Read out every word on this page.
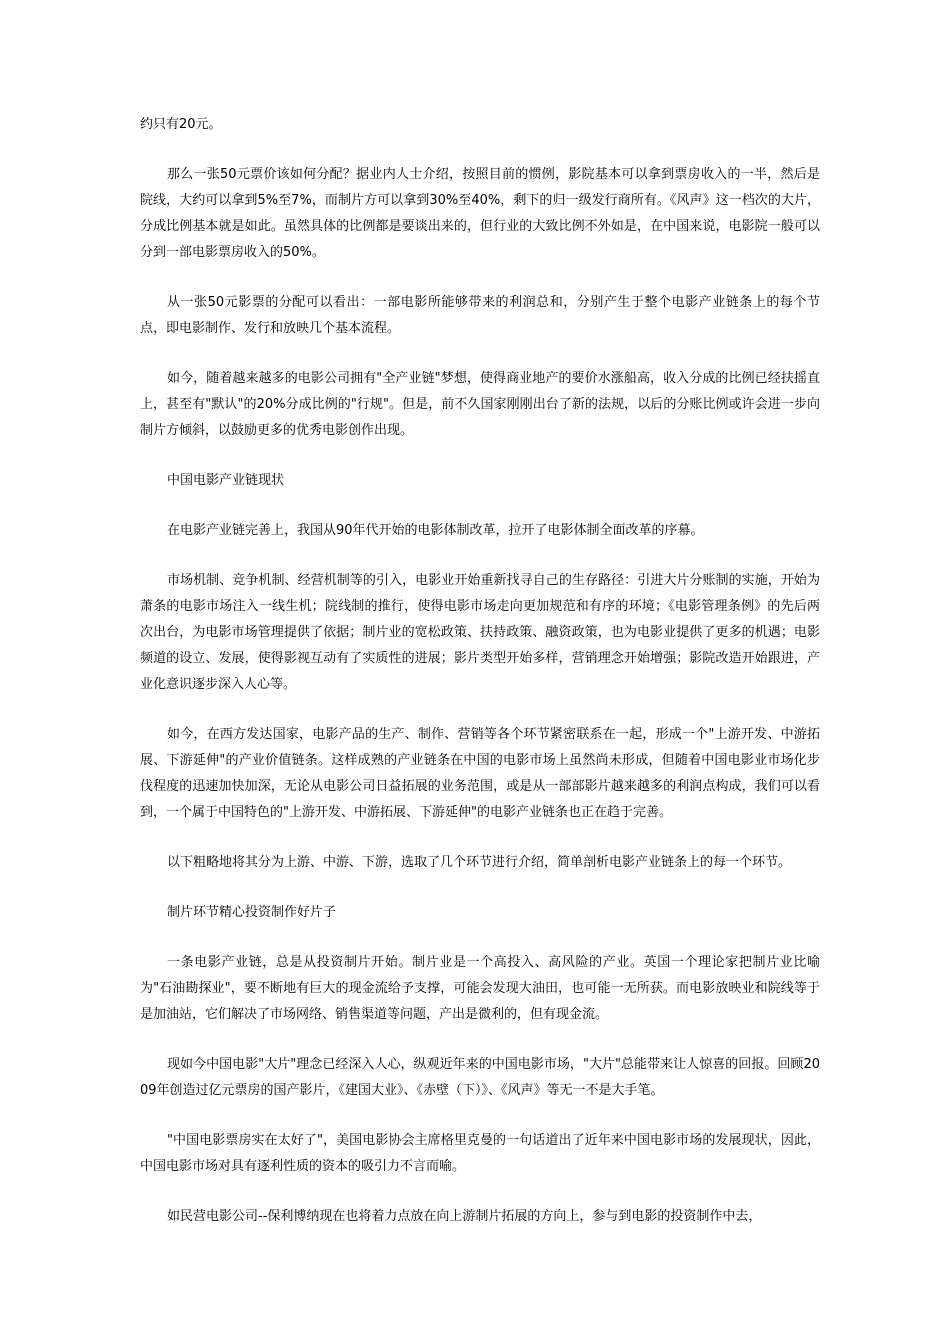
约只有20元。

那么一张50元票价该如何分配？据业内人士介绍，按照目前的惯例，影院基本可以拿到票房收入的一半，然后是院线，大约可以拿到5%至7%，而制片方可以拿到30%至40%，剩下的归一级发行商所有。《风声》这一档次的大片，分成比例基本就是如此。虽然具体的比例都是要谈出来的，但行业的大致比例不外如是，在中国来说，电影院一般可以分到一部电影票房收入的50%。

从一张50元影票的分配可以看出：一部电影所能够带来的利润总和，分别产生于整个电影产业链条上的每个节点，即电影制作、发行和放映几个基本流程。

如今，随着越来越多的电影公司拥有"全产业链"梦想，使得商业地产的要价水涨船高，收入分成的比例已经扶摇直上，甚至有"默认"的20%分成比例的"行规"。但是，前不久国家刚刚出台了新的法规，以后的分账比例或许会进一步向制片方倾斜，以鼓励更多的优秀电影创作出现。

中国电影产业链现状

在电影产业链完善上，我国从90年代开始的电影体制改革，拉开了电影体制全面改革的序幕。

市场机制、竞争机制、经营机制等的引入，电影业开始重新找寻自己的生存路径：引进大片分账制的实施，开始为萧条的电影市场注入一线生机；院线制的推行，使得电影市场走向更加规范和有序的环境；《电影管理条例》的先后两次出台，为电影市场管理提供了依据；制片业的宽松政策、扶持政策、融资政策，也为电影业提供了更多的机遇；电影频道的设立、发展，使得影视互动有了实质性的进展；影片类型开始多样，营销理念开始增强；影院改造开始跟进，产业化意识逐步深入人心等。

如今，在西方发达国家，电影产品的生产、制作、营销等各个环节紧密联系在一起，形成一个"上游开发、中游拓展、下游延伸"的产业价值链条。这样成熟的产业链条在中国的电影市场上虽然尚未形成，但随着中国电影业市场化步伐程度的迅速加快加深，无论从电影公司日益拓展的业务范围，或是从一部部影片越来越多的利润点构成，我们可以看到，一个属于中国特色的"上游开发、中游拓展、下游延伸"的电影产业链条也正在趋于完善。

以下粗略地将其分为上游、中游、下游，选取了几个环节进行介绍，简单剖析电影产业链条上的每一个环节。

制片环节精心投资制作好片子

一条电影产业链，总是从投资制片开始。制片业是一个高投入、高风险的产业。英国一个理论家把制片业比喻为"石油勘探业"，要不断地有巨大的现金流给予支撑，可能会发现大油田，也可能一无所获。而电影放映业和院线等于是加油站，它们解决了市场网络、销售渠道等问题，产出是微利的，但有现金流。

现如今中国电影"大片"理念已经深入人心，纵观近年来的中国电影市场，"大片"总能带来让人惊喜的回报。回顾2009年创造过亿元票房的国产影片，《建国大业》、《赤壁（下）》、《风声》等无一不是大手笔。

"中国电影票房实在太好了"，美国电影协会主席格里克曼的一句话道出了近年来中国电影市场的发展现状，因此，中国电影市场对具有逐利性质的资本的吸引力不言而喻。

如民营电影公司--保利博纳现在也将着力点放在向上游制片拓展的方向上，参与到电影的投资制作中去，
